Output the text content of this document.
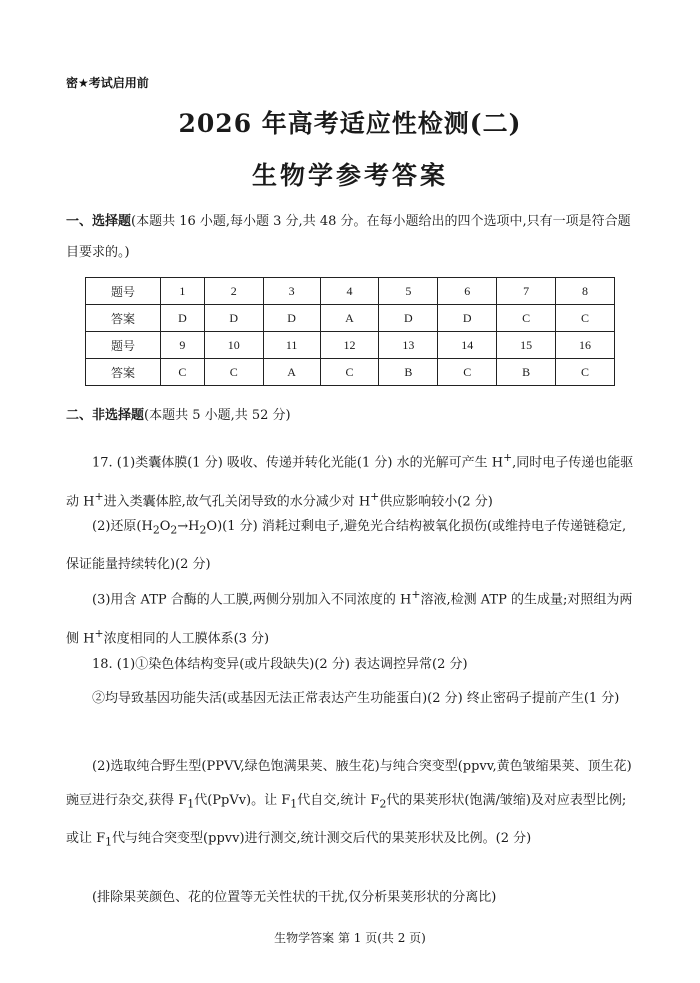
密★考试启用前
2026 年高考适应性检测(二)
生物学参考答案
一、选择题(本题共 16 小题,每小题 3 分,共 48 分。在每小题给出的四个选项中,只有一项是符合题目要求的。)
题号	1	2	3	4	5	6	7	8
答案	D	D	D	A	D	D	C	C
题号	9	10	11	12	13	14	15	16
答案	C	C	A	C	B	C	B	C
二、非选择题(本题共 5 小题,共 52 分)
17. (1)类囊体膜(1 分) 吸收、传递并转化光能(1 分) 水的光解可产生 H+,同时电子传递也能驱动 H+进入类囊体腔,故气孔关闭导致的水分减少对 H+供应影响较小(2 分)
(2)还原$(H_2O_2\to H_2O)(1$ 分) 消耗过剩电子,避免光合结构被氧化损伤(或维持电子传递链稳定,保证能量持续转化)(2 分)
(3)用含 ATP 合酶的人工膜,两侧分别加入不同浓度的 H+溶液,检测 ATP 的生成量;对照组为两侧 H+浓度相同的人工膜体系(3 分)
18. (1)①染色体结构变异(或片段缺失)(2 分) 表达调控异常(2 分)
②均导致基因功能失活(或基因无法正常表达产生功能蛋白)(2 分) 终止密码子提前产生(1 分)
(2)选取纯合野生型(PPVV,绿色饱满果荚、腋生花)与纯合突变型(ppvv,黄色皱缩果荚、顶生花)豌豆进行杂交,获得 $F_1$代(PpVv)。让 $F_1$代自交,统计 $F_2$代的果荚形状(饱满/皱缩)及对应表型比例;或让 $F_1$代与纯合突变型(ppvv)进行测交,统计测交后代的果荚形状及比例。(2 分)
(排除果荚颜色、花的位置等无关性状的干扰,仅分析果荚形状的分离比)
生物学答案 第 1 页(共 2 页)
